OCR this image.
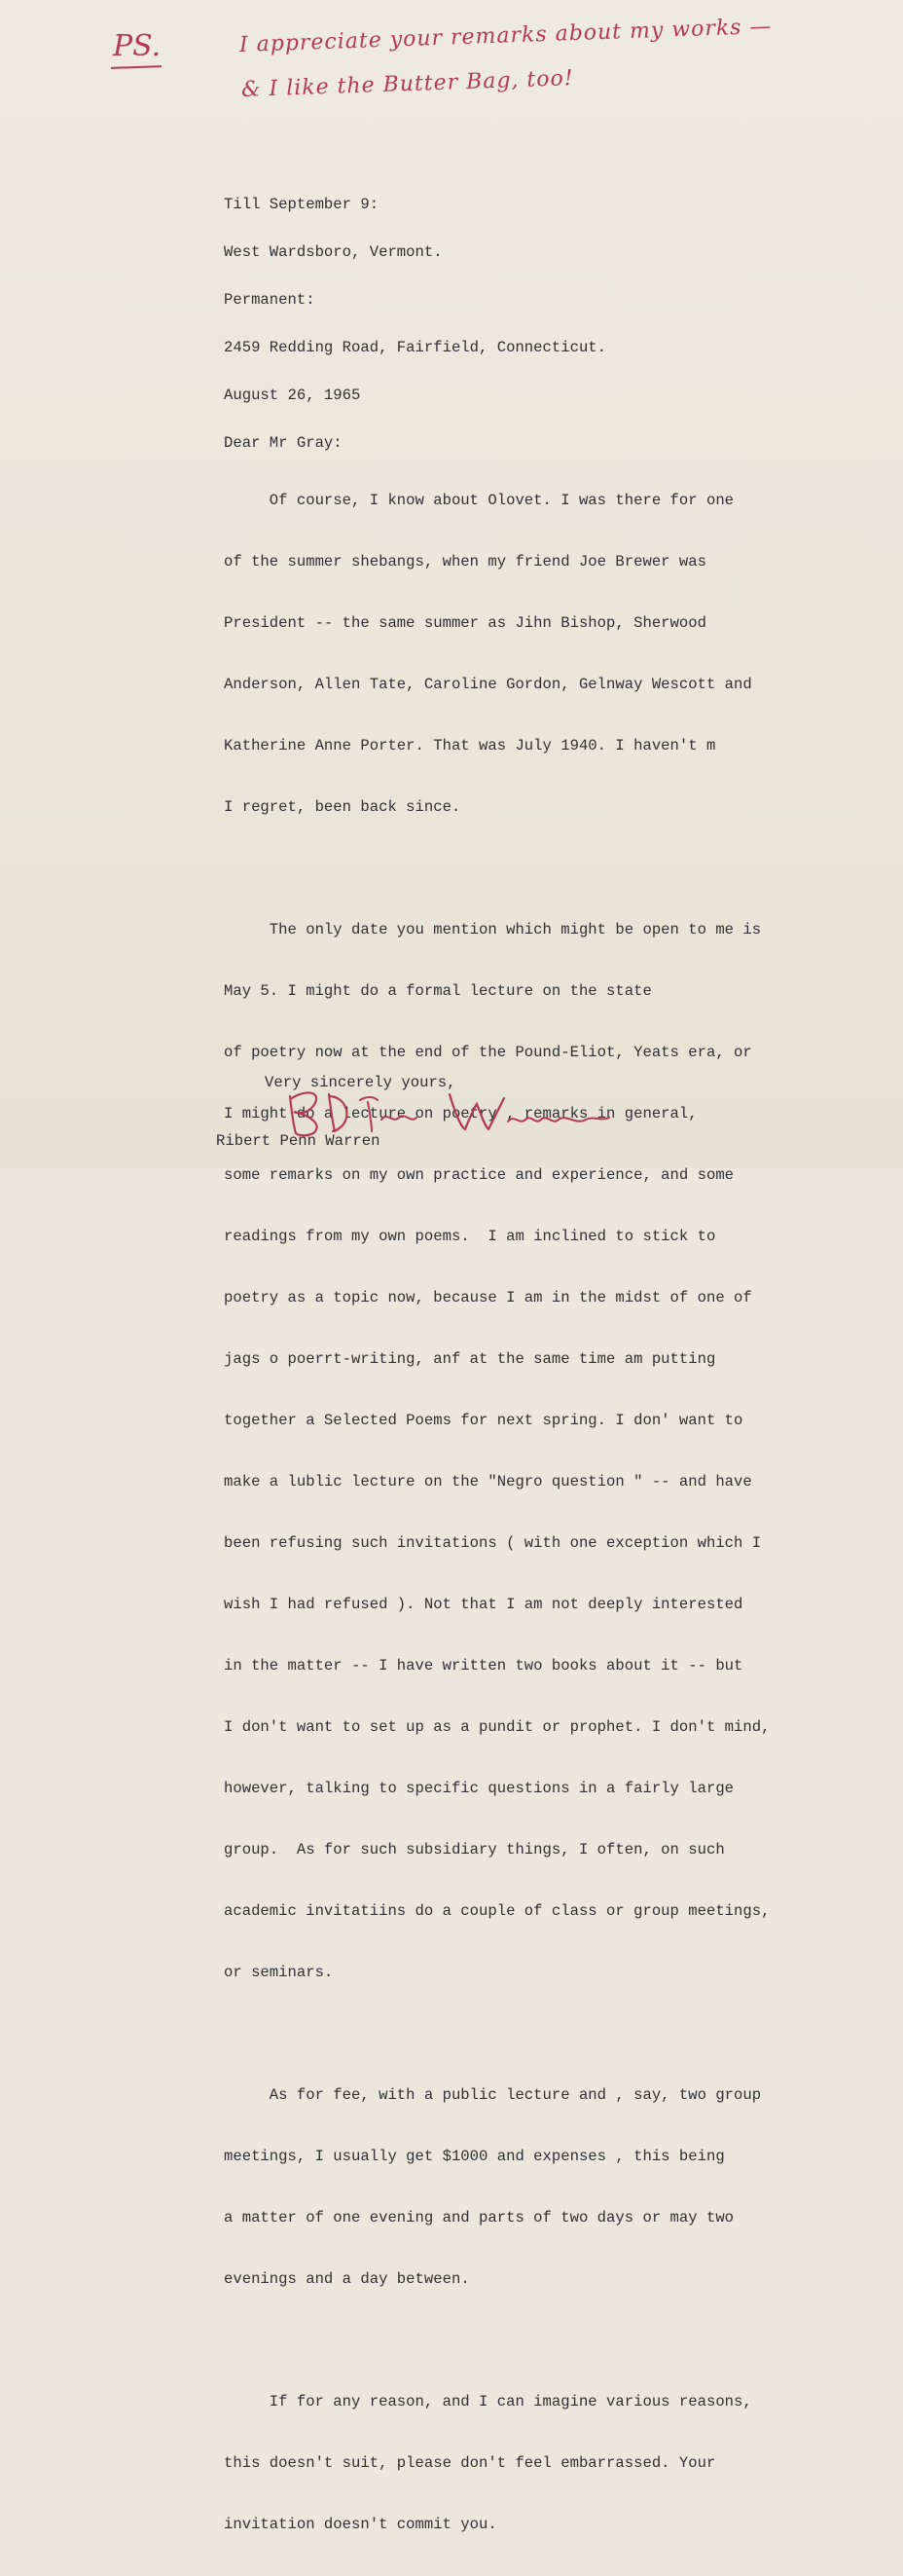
PS.	I appreciate your remarks about my works —
& I like the Butter Bag, too!

Till September 9:

West Wardsboro, Vermont.

Permanent:

2459 Redding Road, Fairfield, Connecticut.

August 26, 1965

Dear Mr Gray:

Of course, I know about Olovet. I was there for one

of the summer shebangs, when my friend Joe Brewer was

President -- the same summer as Jihn Bishop, Sherwood

Anderson, Allen Tate, Caroline Gordon, Gelnway Wescott and

Katherine Anne Porter. That was July 1940. I haven't m

I regret, been back since.

The only date you mention which might be open to me is

May 5. I might do a formal lecture on the state

of poetry now at the end of the Pound-Eliot, Yeats era, or

I might do a lecture on poetry , remarks in general,

some remarks on my own practice and experience, and some

readings from my own poems.  I am inclined to stick to

poetry as a topic now, because I am in the midst of one of

jags o poerrt-writing, anf at the same time am putting

together a Selected Poems for next spring. I don' want to

make a lublic lecture on the "Negro question " -- and have

been refusing such invitations ( with one exception which I

wish I had refused ). Not that I am not deeply interested

in the matter -- I have written two books about it -- but

I don't want to set up as a pundit or prophet. I don't mind,

however, talking to specific questions in a fairly large

group.  As for such subsidiary things, I often, on such

academic invitatiins do a couple of class or group meetings,

or seminars.

As for fee, with a public lecture and , say, two group

meetings, I usually get $1000 and expenses , this being

a matter of one evening and parts of two days or may two

evenings and a day between.

If for any reason, and I can imagine various reasons,

this doesn't suit, please don't feel embarrassed. Your

invitation doesn't commit you.

Very sincerely yours,
Ribert Penn Warren
